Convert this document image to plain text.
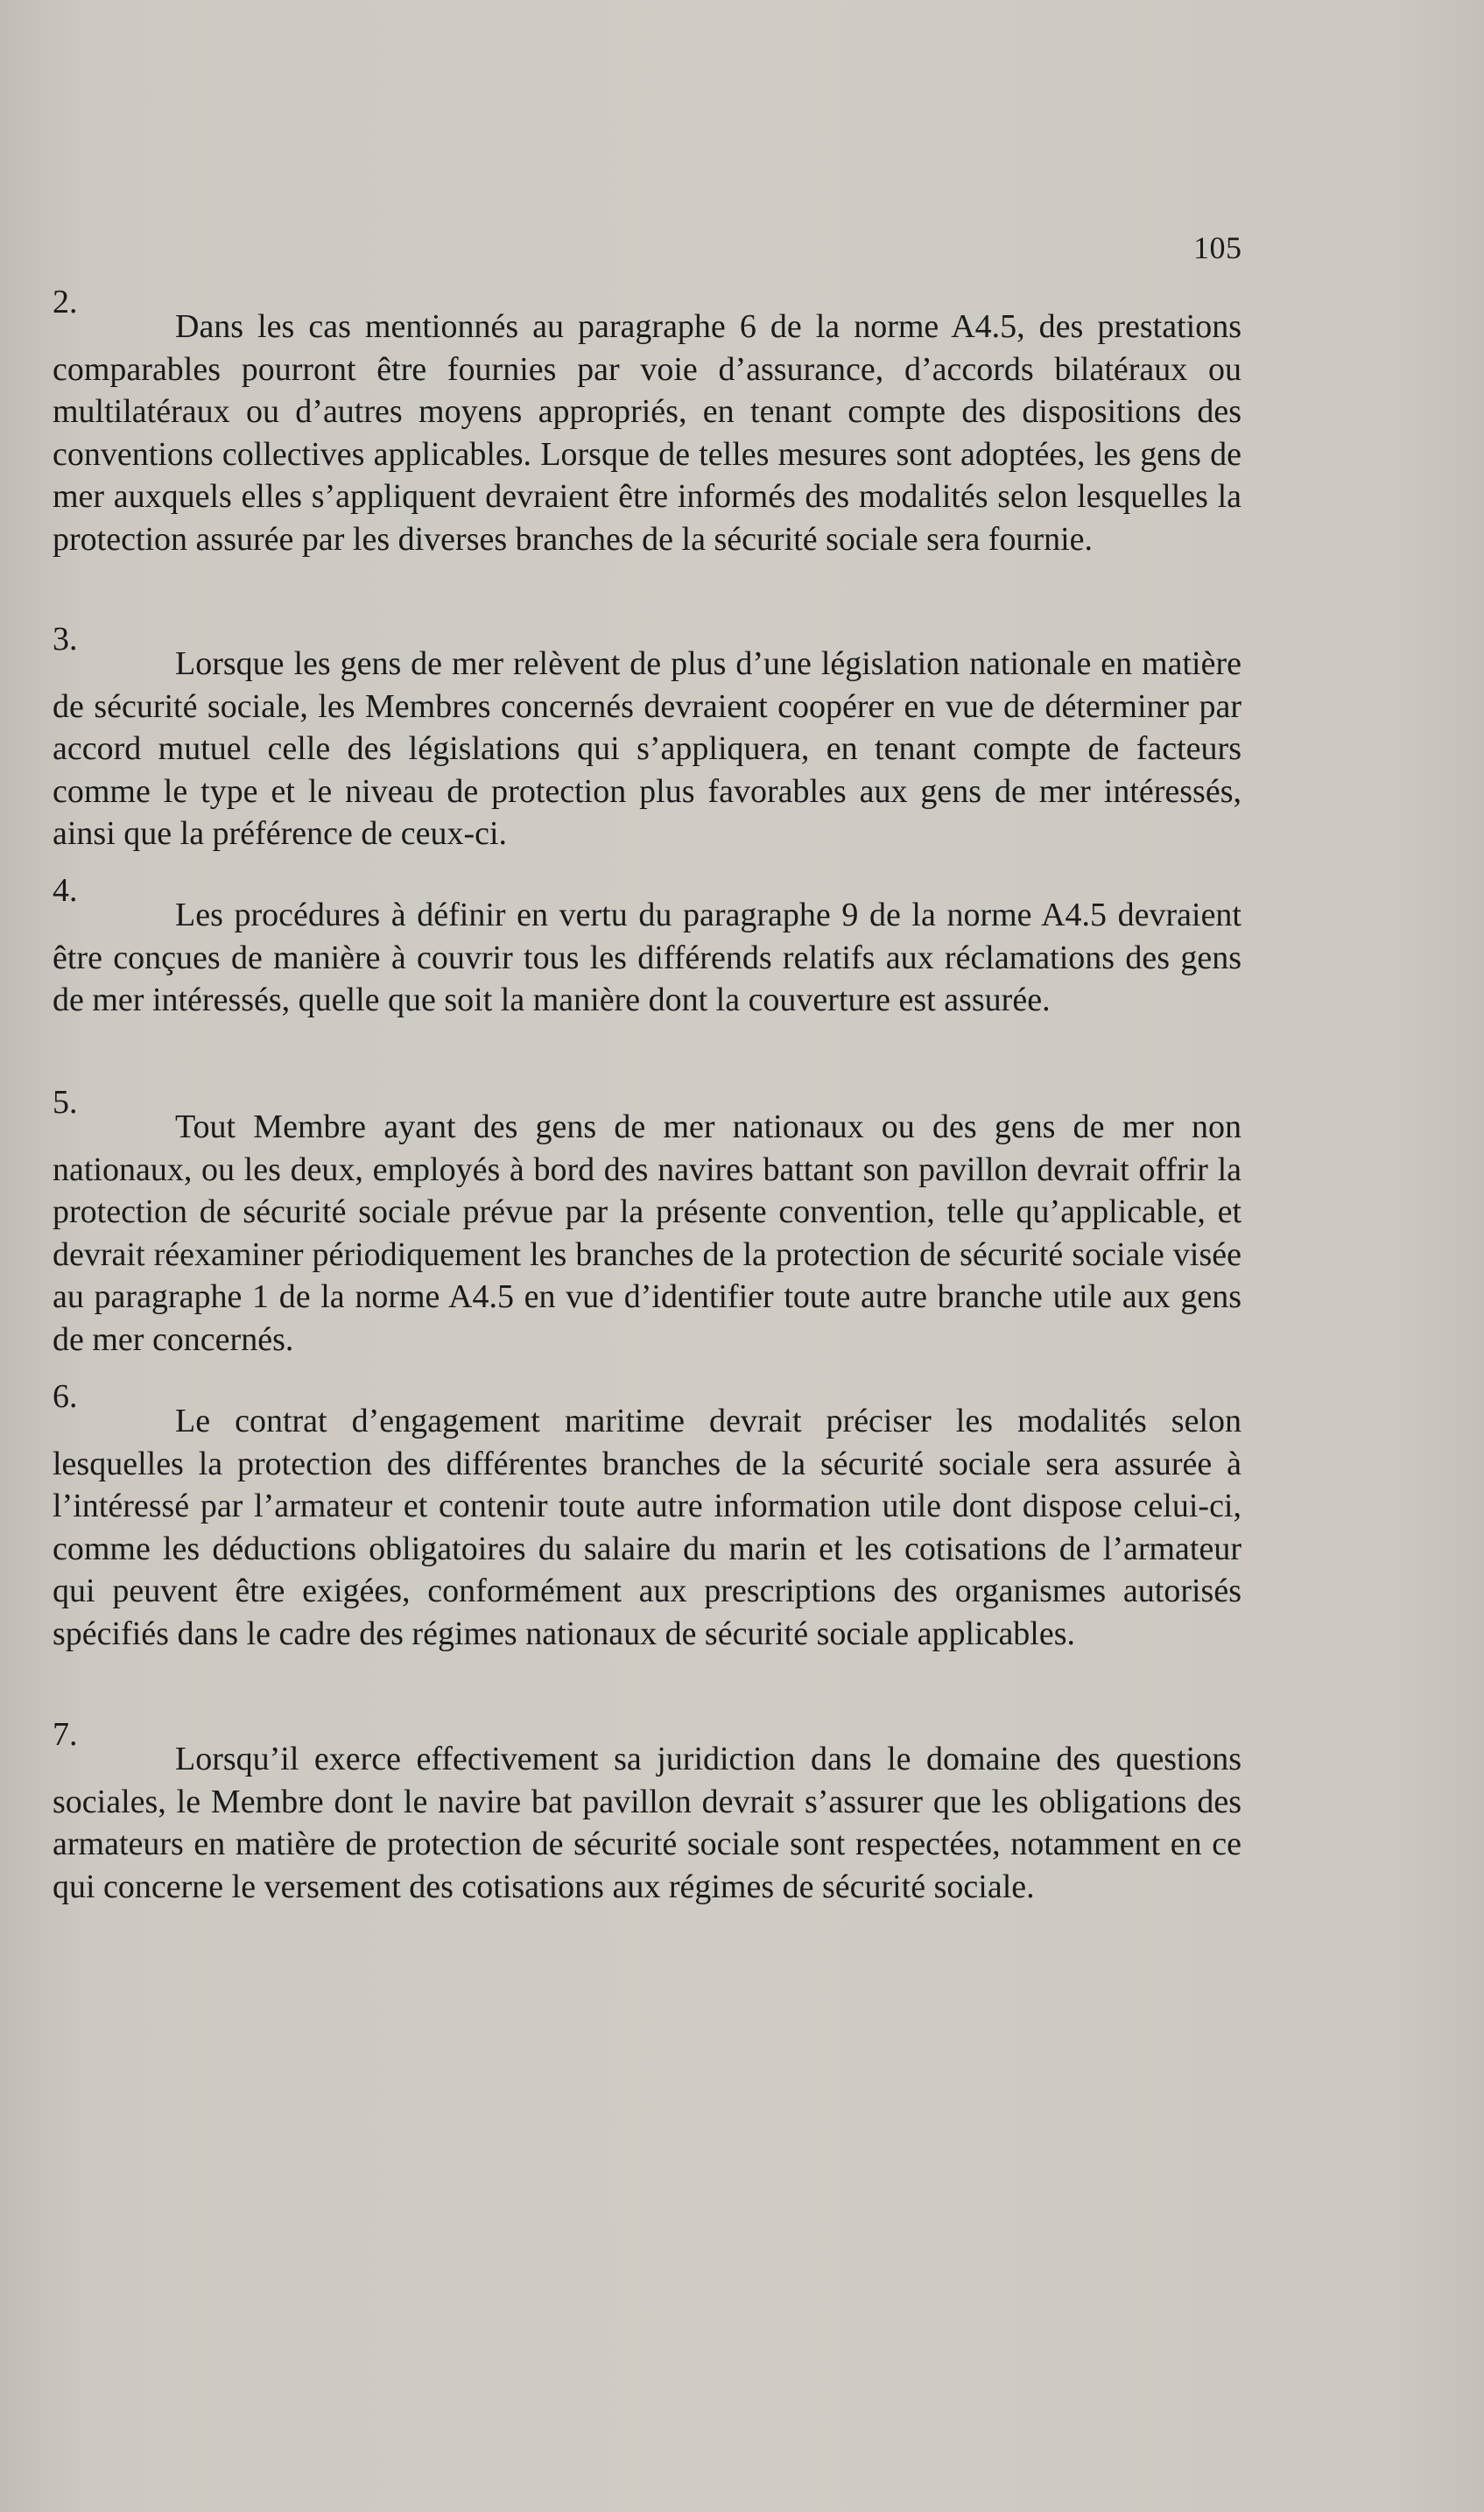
105
2.

Dans les cas mentionnés au paragraphe 6 de la norme A4.5, des prestations comparables pourront être fournies par voie d’assurance, d’accords bilatéraux ou multilatéraux ou d’autres moyens appropriés, en tenant compte des dispositions des conventions collectives applicables. Lorsque de telles mesures sont adoptées, les gens de mer auxquels elles s’appliquent devraient être informés des modalités selon lesquelles la protection assurée par les diverses branches de la sécurité sociale sera fournie.

3.

Lorsque les gens de mer relèvent de plus d’une législation nationale en matière de sécurité sociale, les Membres concernés devraient coopérer en vue de déterminer par accord mutuel celle des législations qui s’appliquera, en tenant compte de facteurs comme le type et le niveau de protection plus favorables aux gens de mer intéressés, ainsi que la préférence de ceux-ci.

4.

Les procédures à définir en vertu du paragraphe 9 de la norme A4.5 devraient être conçues de manière à couvrir tous les différends relatifs aux réclamations des gens de mer intéressés, quelle que soit la manière dont la couverture est assurée.

5.

Tout Membre ayant des gens de mer nationaux ou des gens de mer non nationaux, ou les deux, employés à bord des navires battant son pavillon devrait offrir la protection de sécurité sociale prévue par la présente convention, telle qu’applicable, et devrait réexaminer périodiquement les branches de la protection de sécurité sociale visée au paragraphe 1 de la norme A4.5 en vue d’identifier toute autre branche utile aux gens de mer concernés.

6.

Le contrat d’engagement maritime devrait préciser les modalités selon lesquelles la protection des différentes branches de la sécurité sociale sera assurée à l’intéressé par l’armateur et contenir toute autre information utile dont dispose celui-ci, comme les déductions obligatoires du salaire du marin et les cotisations de l’armateur qui peuvent être exigées, conformément aux prescriptions des organismes autorisés spécifiés dans le cadre des régimes nationaux de sécurité sociale applicables.

7.

Lorsqu’il exerce effectivement sa juridiction dans le domaine des questions sociales, le Membre dont le navire bat pavillon devrait s’assurer que les obligations des armateurs en matière de protection de sécurité sociale sont respectées, notamment en ce qui concerne le versement des cotisations aux régimes de sécurité sociale.
